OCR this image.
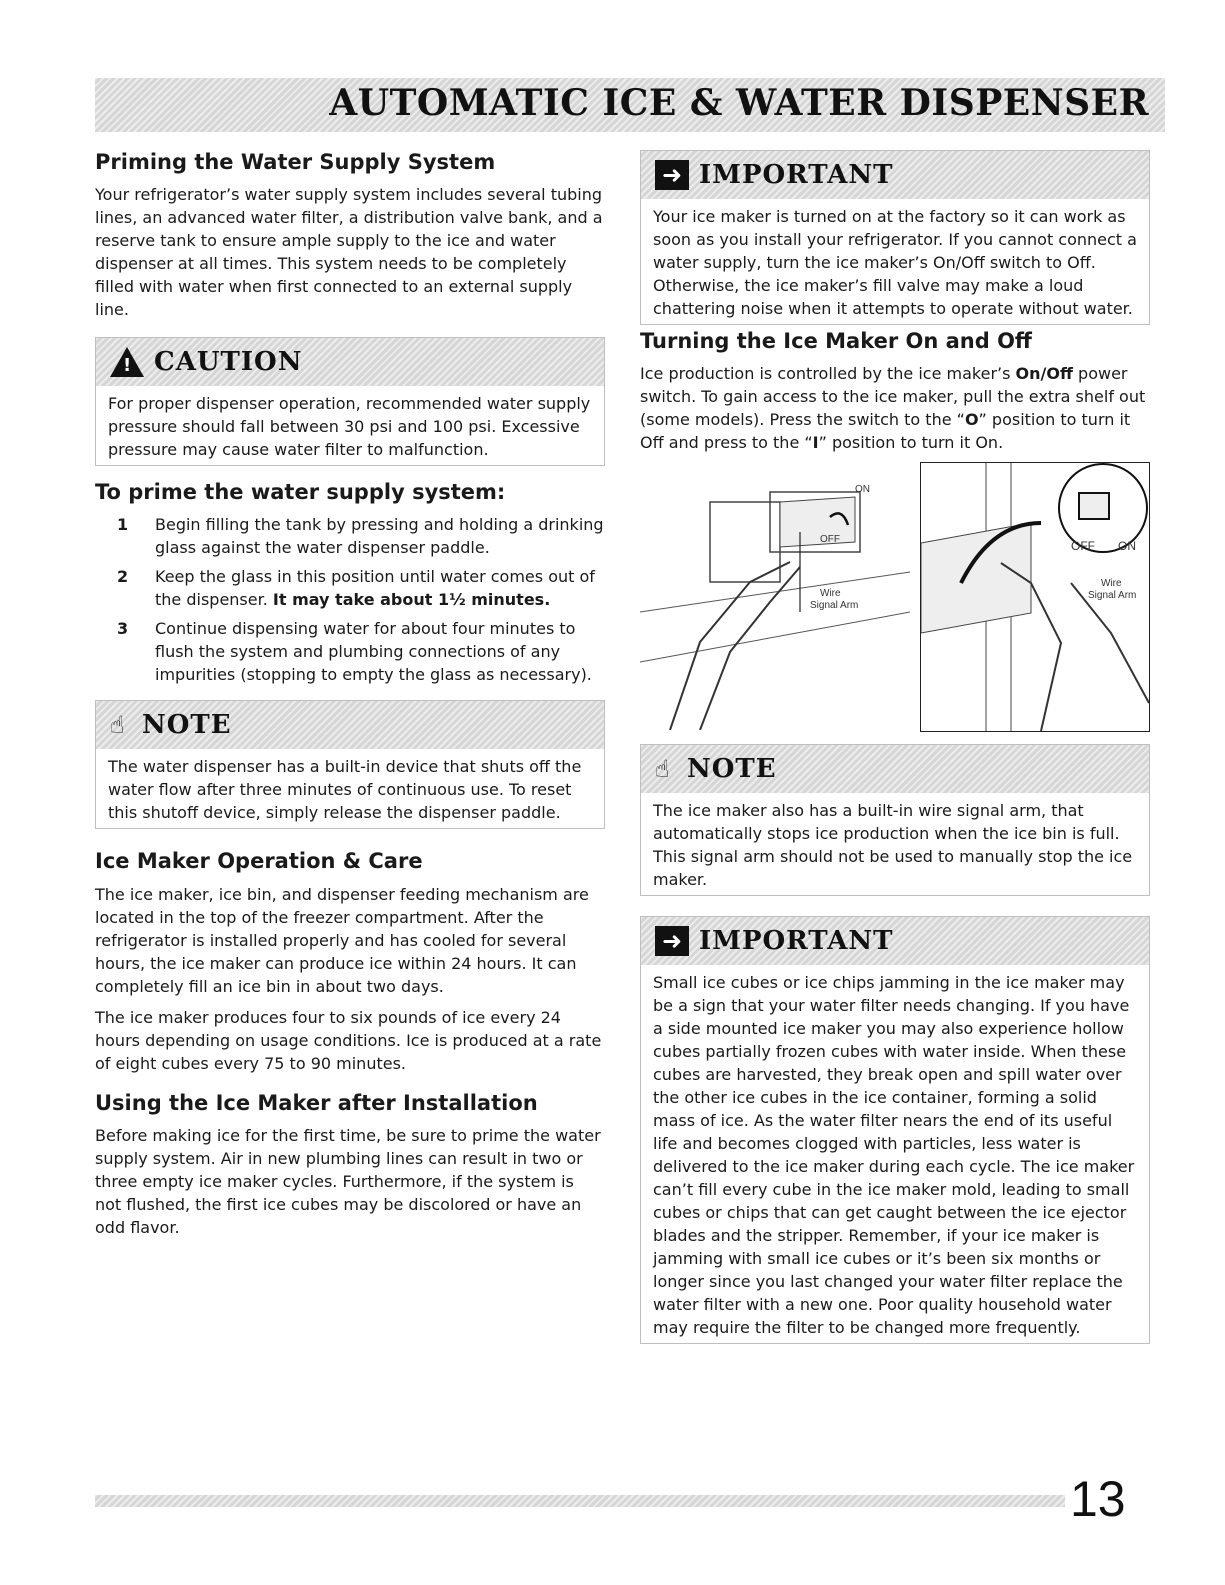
AUTOMATIC ICE & WATER DISPENSER
Priming the Water Supply System

Your refrigerator’s water supply system includes several tubing lines, an advanced water filter, a distribution valve bank, and a reserve tank to ensure ample supply to the ice and water dispenser at all times. This system needs to be completely filled with water when first connected to an external supply line.

!
CAUTION

For proper dispenser operation, recommended water supply pressure should fall between 30 psi and 100 psi. Excessive pressure may cause water filter to malfunction.

To prime the water supply system:
1	Begin filling the tank by pressing and holding a drinking glass against the water dispenser paddle.
2	Keep the glass in this position until water comes out of the dispenser. It may take about 1½ minutes.
3	Continue dispensing water for about four minutes to flush the system and plumbing connections of any impurities (stopping to empty the glass as necessary).
☝ NOTE

The water dispenser has a built-in device that shuts off the water flow after three minutes of continuous use. To reset this shutoff device, simply release the dispenser paddle.

Ice Maker Operation & Care

The ice maker, ice bin, and dispenser feeding mechanism are located in the top of the freezer compartment. After the refrigerator is installed properly and has cooled for several hours, the ice maker can produce ice within 24 hours. It can completely fill an ice bin in about two days.

The ice maker produces four to six pounds of ice every 24 hours depending on usage conditions. Ice is produced at a rate of eight cubes every 75 to 90 minutes.

Using the Ice Maker after Installation

Before making ice for the first time, be sure to prime the water supply system. Air in new plumbing lines can result in two or three empty ice maker cycles. Furthermore, if the system is not flushed, the first ice cubes may be discolored or have an odd flavor.

➜ IMPORTANT

Your ice maker is turned on at the factory so it can work as soon as you install your refrigerator. If you cannot connect a water supply, turn the ice maker’s On/Off switch to Off. Otherwise, the ice maker’s fill valve may make a loud chattering noise when it attempts to operate without water.

Turning the Ice Maker On and Off

Ice production is controlled by the ice maker’s On/Off power switch. To gain access to the ice maker, pull the extra shelf out (some models). Press the switch to the “O” position to turn it Off and press to the “I” position to turn it On.

ON
OFF
Wire
Signal Arm
OFF ON
Wire
Signal Arm
☝ NOTE

The ice maker also has a built-in wire signal arm, that automatically stops ice production when the ice bin is full. This signal arm should not be used to manually stop the ice maker.

➜ IMPORTANT

Small ice cubes or ice chips jamming in the ice maker may be a sign that your water filter needs changing. If you have a side mounted ice maker you may also experience hollow cubes partially frozen cubes with water inside. When these cubes are harvested, they break open and spill water over the other ice cubes in the ice container, forming a solid mass of ice. As the water filter nears the end of its useful life and becomes clogged with particles, less water is delivered to the ice maker during each cycle. The ice maker can’t fill every cube in the ice maker mold, leading to small cubes or chips that can get caught between the ice ejector blades and the stripper. Remember, if your ice maker is jamming with small ice cubes or it’s been six months or longer since you last changed your water filter replace the water filter with a new one. Poor quality household water may require the filter to be changed more frequently.

13
